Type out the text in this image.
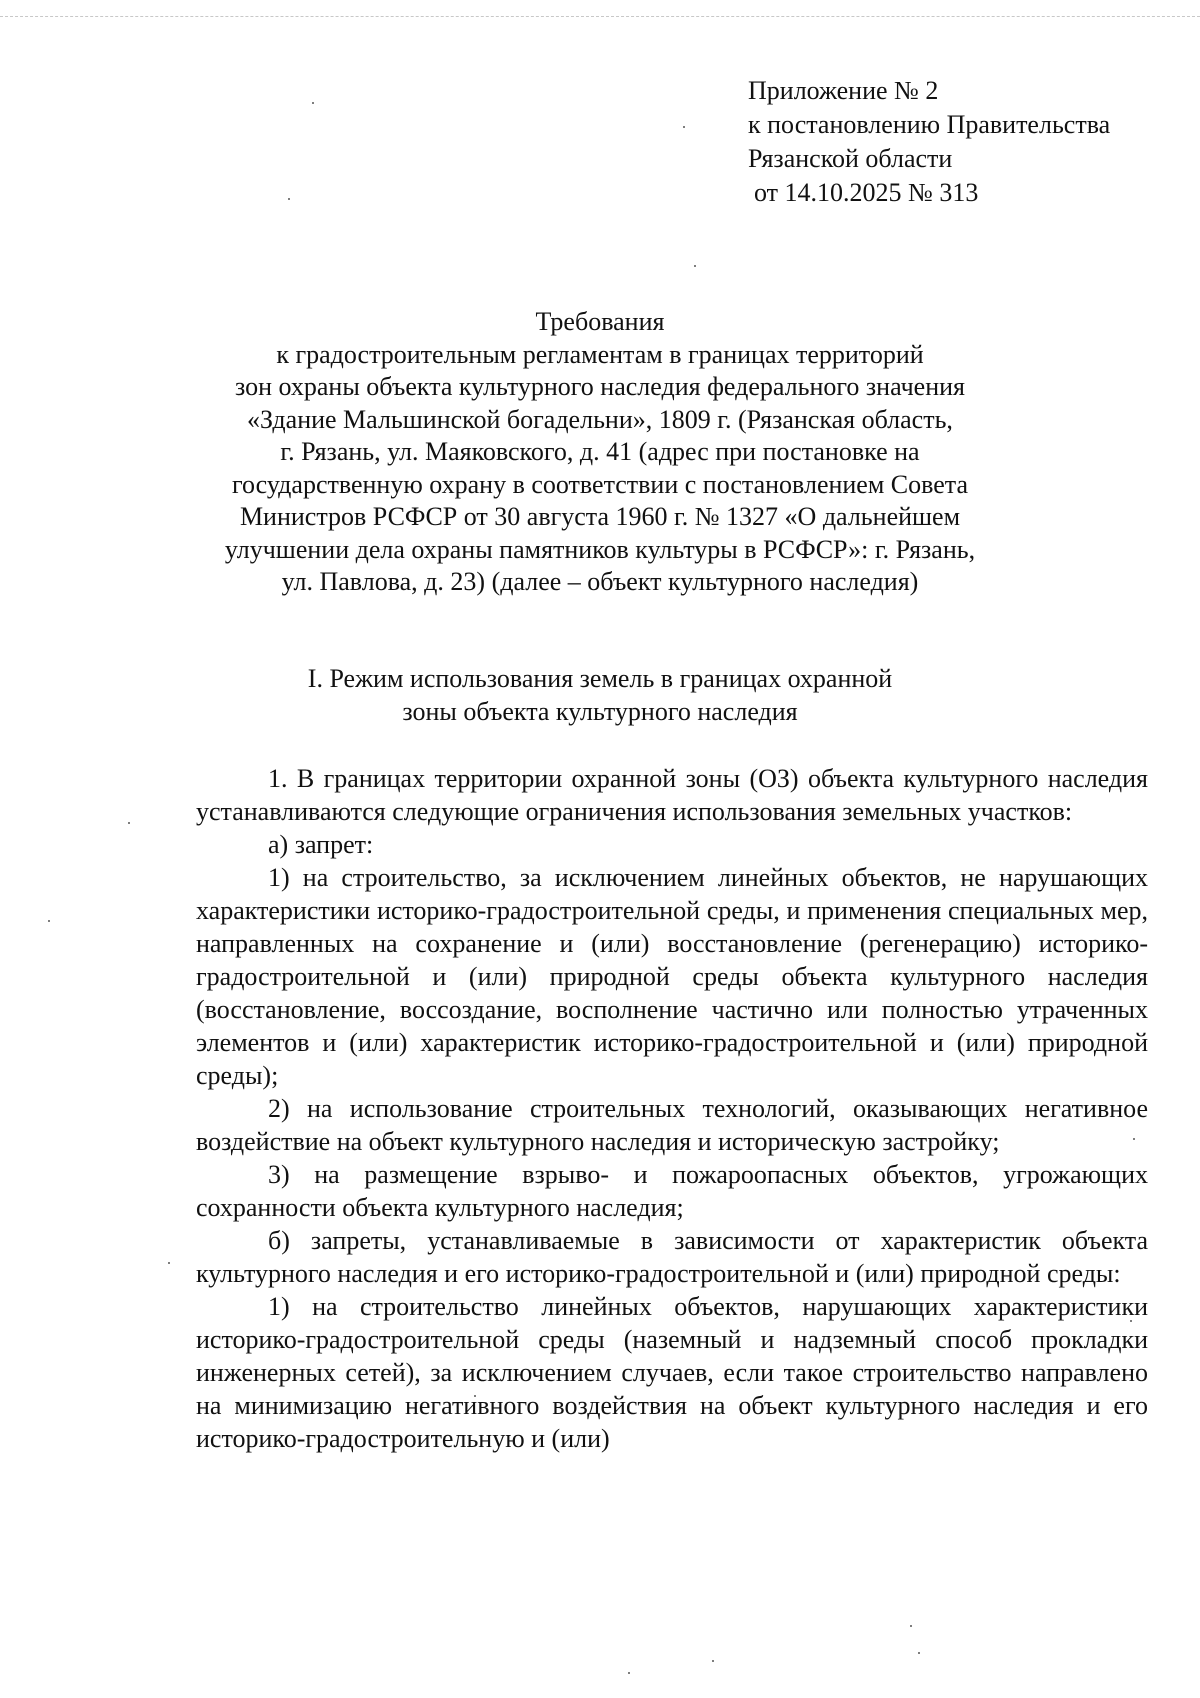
Приложение № 2
к постановлению Правительства
Рязанской области
от 14.10.2025 № 313
Требования
к градостроительным регламентам в границах территорий
зон охраны объекта культурного наследия федерального значения
«Здание Мальшинской богадельни», 1809 г. (Рязанская область,
г. Рязань, ул. Маяковского, д. 41 (адрес при постановке на
государственную охрану в соответствии с постановлением Совета
Министров РСФСР от 30 августа 1960 г. № 1327 «О дальнейшем
улучшении дела охраны памятников культуры в РСФСР»: г. Рязань,
ул. Павлова, д. 23) (далее – объект культурного наследия)
I. Режим использования земель в границах охранной
зоны объекта культурного наследия

1. В границах территории охранной зоны (ОЗ) объекта культурного наследия устанавливаются следующие ограничения использования земельных участков:

а) запрет:

1) на строительство, за исключением линейных объектов, не нарушающих характеристики историко-градостроительной среды, и применения специальных мер, направленных на сохранение и (или) восстановление (регенерацию) историко-градостроительной и (или) природной среды объекта культурного наследия (восстановление, воссоздание, восполнение частично или полностью утраченных элементов и (или) характеристик историко-градостроительной и (или) природной среды);

2) на использование строительных технологий, оказывающих негативное воздействие на объект культурного наследия и историческую застройку;

3) на размещение взрыво- и пожароопасных объектов, угрожающих сохранности объекта культурного наследия;

б) запреты, устанавливаемые в зависимости от характеристик объекта культурного наследия и его историко-градостроительной и (или) природной среды:

1) на строительство линейных объектов, нарушающих характеристики историко-градостроительной среды (наземный и надземный способ прокладки инженерных сетей), за исключением случаев, если такое строительство направлено на минимизацию негативного воздействия на объект культурного наследия и его историко-градостроительную и (или)
